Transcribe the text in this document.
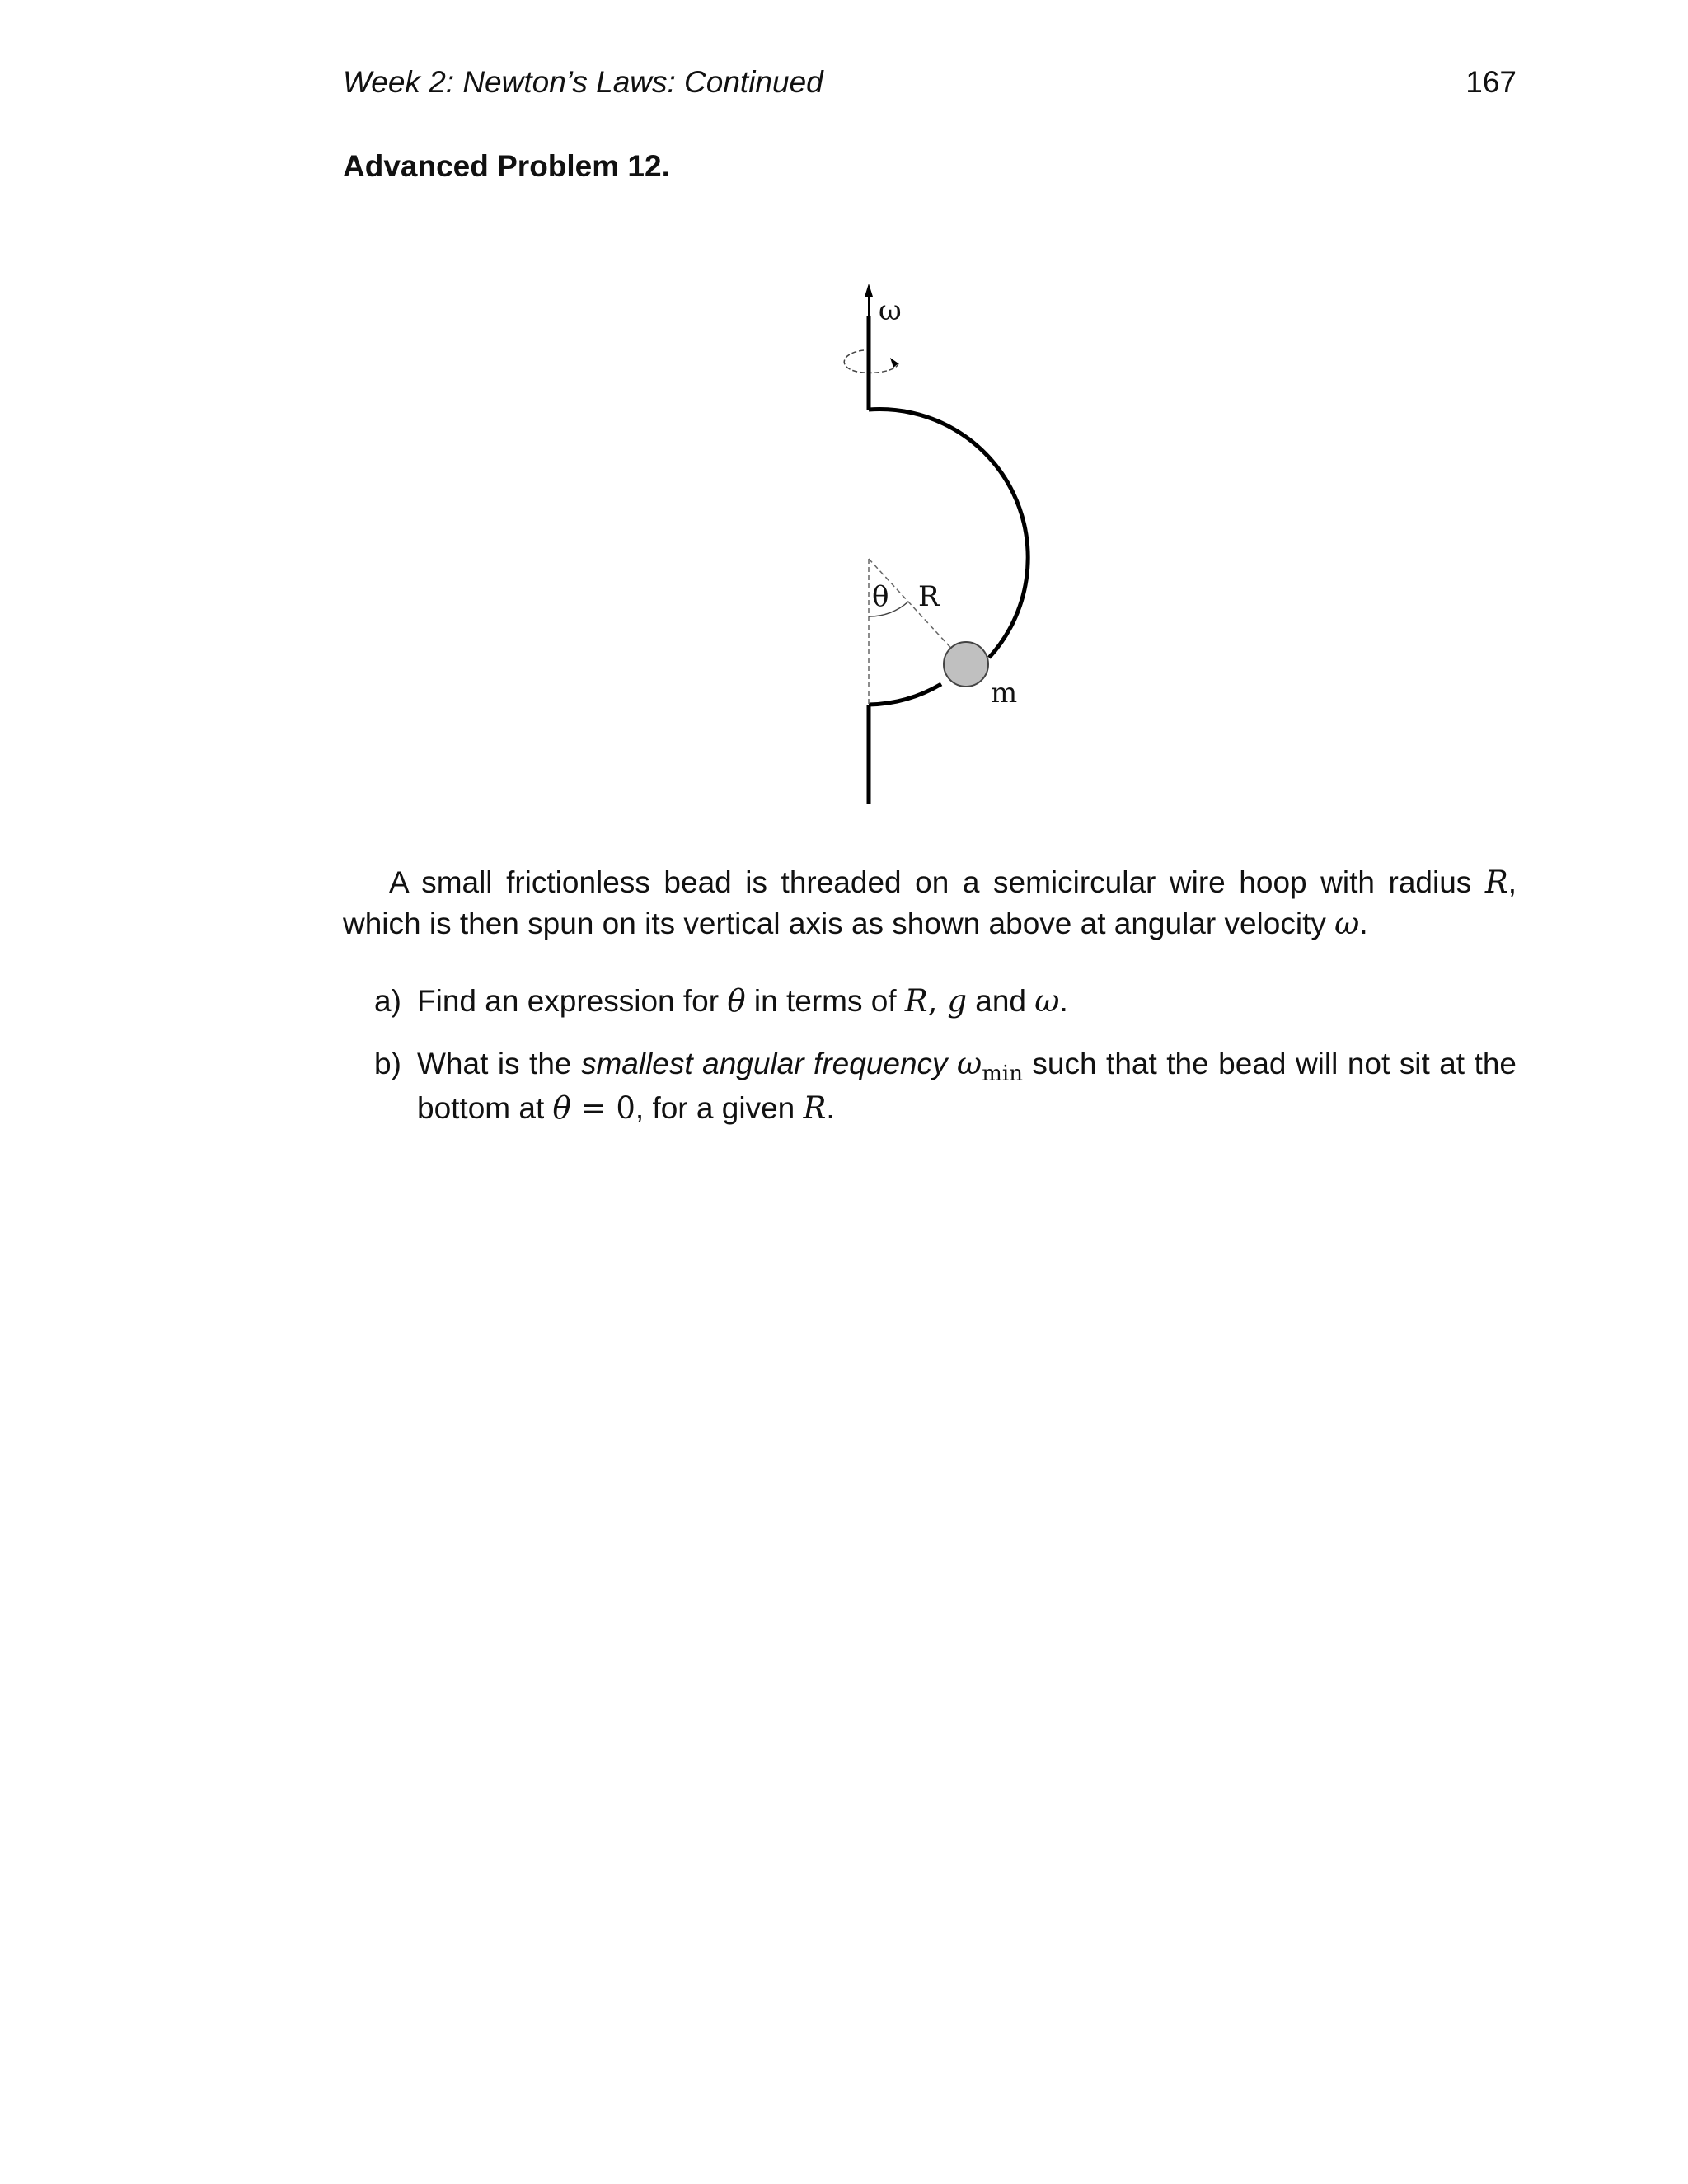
Week 2: Newton’s Laws: Continued	167
Advanced Problem 12.
ω
θ R
m

A small frictionless bead is threaded on a semicircular wire hoop with radius R, which is then spun on its vertical axis as shown above at angular velocity ω.

a) Find an expression for θ in terms of R, g and ω.
b) What is the smallest angular frequency $\omega_{min}$ such that the bead will not sit at the bottom at θ = 0, for a given R.
